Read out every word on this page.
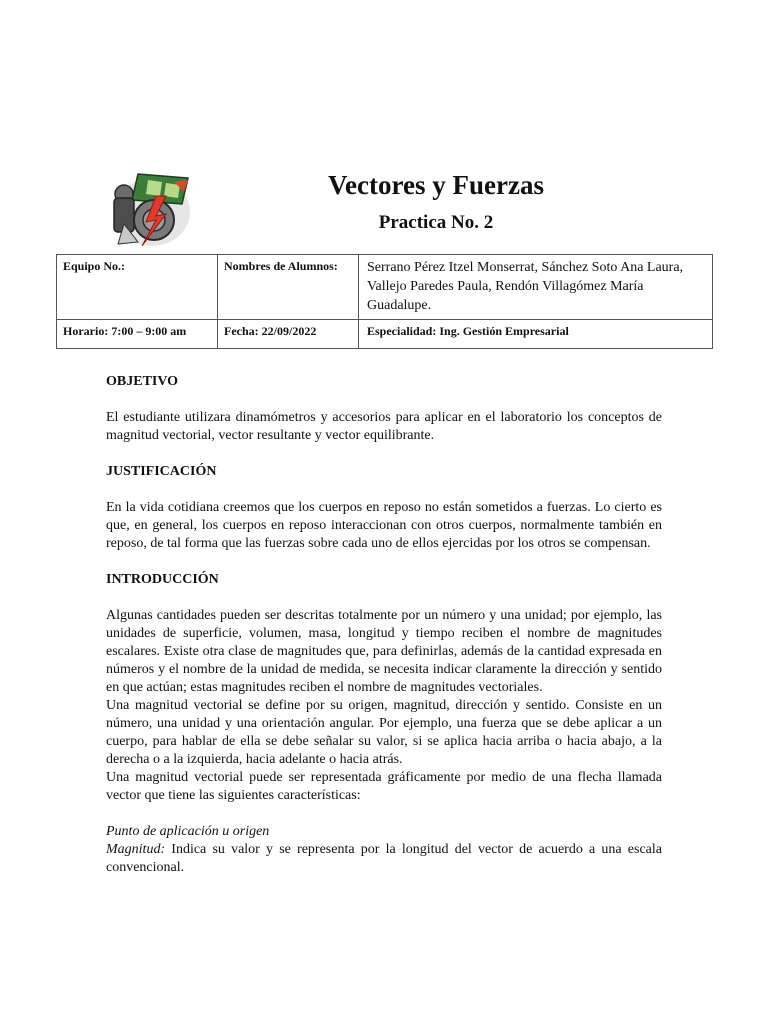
Vectores y Fuerzas
Practica No. 2
Equipo No.:	Nombres de Alumnos:	Serrano Pérez Itzel Monserrat, Sánchez Soto Ana Laura, Vallejo Paredes Paula, Rendón Villagómez María Guadalupe.
Horario: 7:00 – 9:00 am	Fecha: 22/09/2022	Especialidad: Ing. Gestión Empresarial
OBJETIVO

El estudiante utilizara dinamómetros y accesorios para aplicar en el laboratorio los conceptos de magnitud vectorial, vector resultante y vector equilibrante.

JUSTIFICACIÓN

En la vida cotidiana creemos que los cuerpos en reposo no están sometidos a fuerzas. Lo cierto es que, en general, los cuerpos en reposo interaccionan con otros cuerpos, normalmente también en reposo, de tal forma que las fuerzas sobre cada uno de ellos ejercidas por los otros se compensan.

INTRODUCCIÓN

Algunas cantidades pueden ser descritas totalmente por un número y una unidad; por ejemplo, las unidades de superficie, volumen, masa, longitud y tiempo reciben el nombre de magnitudes escalares. Existe otra clase de magnitudes que, para definirlas, además de la cantidad expresada en números y el nombre de la unidad de medida, se necesita indicar claramente la dirección y sentido en que actúan; estas magnitudes reciben el nombre de magnitudes vectoriales.

Una magnitud vectorial se define por su origen, magnitud, dirección y sentido. Consiste en un número, una unidad y una orientación angular. Por ejemplo, una fuerza que se debe aplicar a un cuerpo, para hablar de ella se debe señalar su valor, si se aplica hacia arriba o hacia abajo, a la derecha o a la izquierda, hacia adelante o hacia atrás.

Una magnitud vectorial puede ser representada gráficamente por medio de una flecha llamada vector que tiene las siguientes características:

Punto de aplicación u origen

Magnitud: Indica su valor y se representa por la longitud del vector de acuerdo a una escala convencional.
